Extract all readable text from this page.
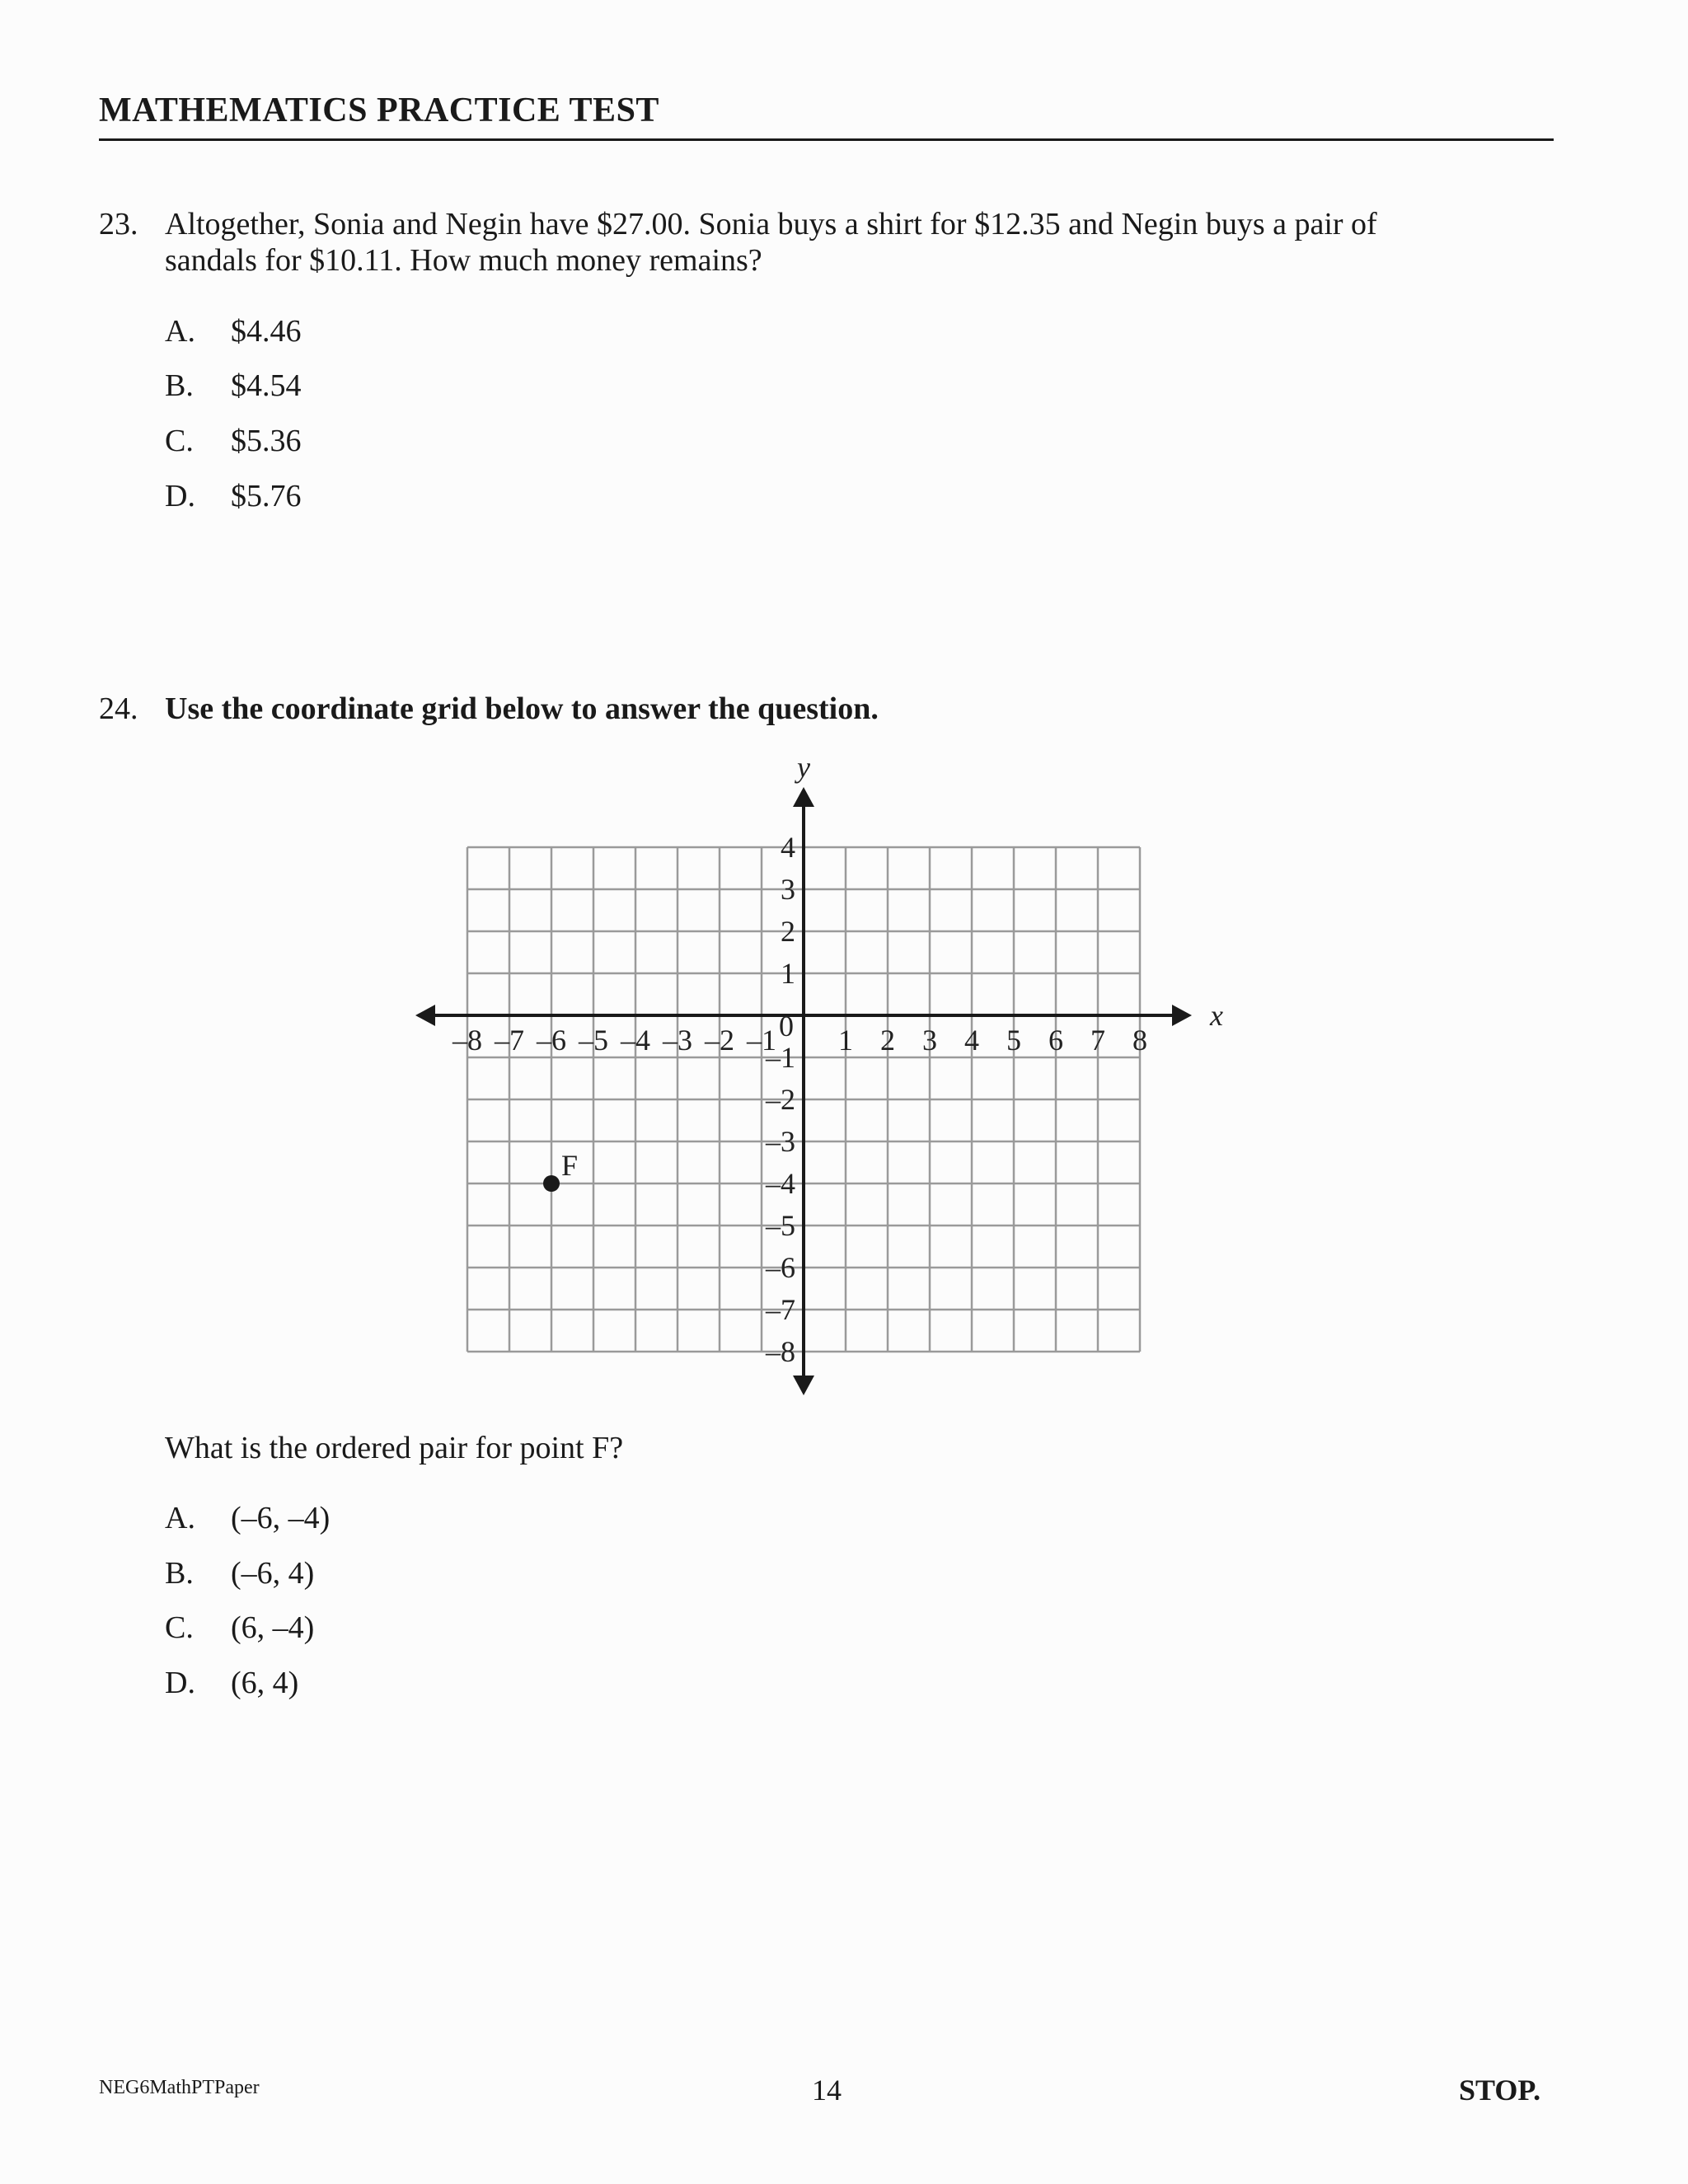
MATHEMATICS PRACTICE TEST
23. Altogether, Sonia and Negin have $27.00. Sonia buys a shirt for $12.35 and Negin buys a pair of
sandals for $10.11. How much money remains?
A. $4.46
B. $4.54
C. $5.36
D. $5.76
24. Use the coordinate grid below to answer the question.
x
y
–8 –7 –6 –5 –4 –3 –2 –1 1 2 3 4 5 6 7 8
4
3
2
1
–1
–2
–3
–4
–5
–6
–7
–8
0
F
What is the ordered pair for point F?
A. (–6, –4)
B. (–6, 4)
C. (6, –4)
D. (6, 4)
NEG6MathPTPaper	14	STOP.
